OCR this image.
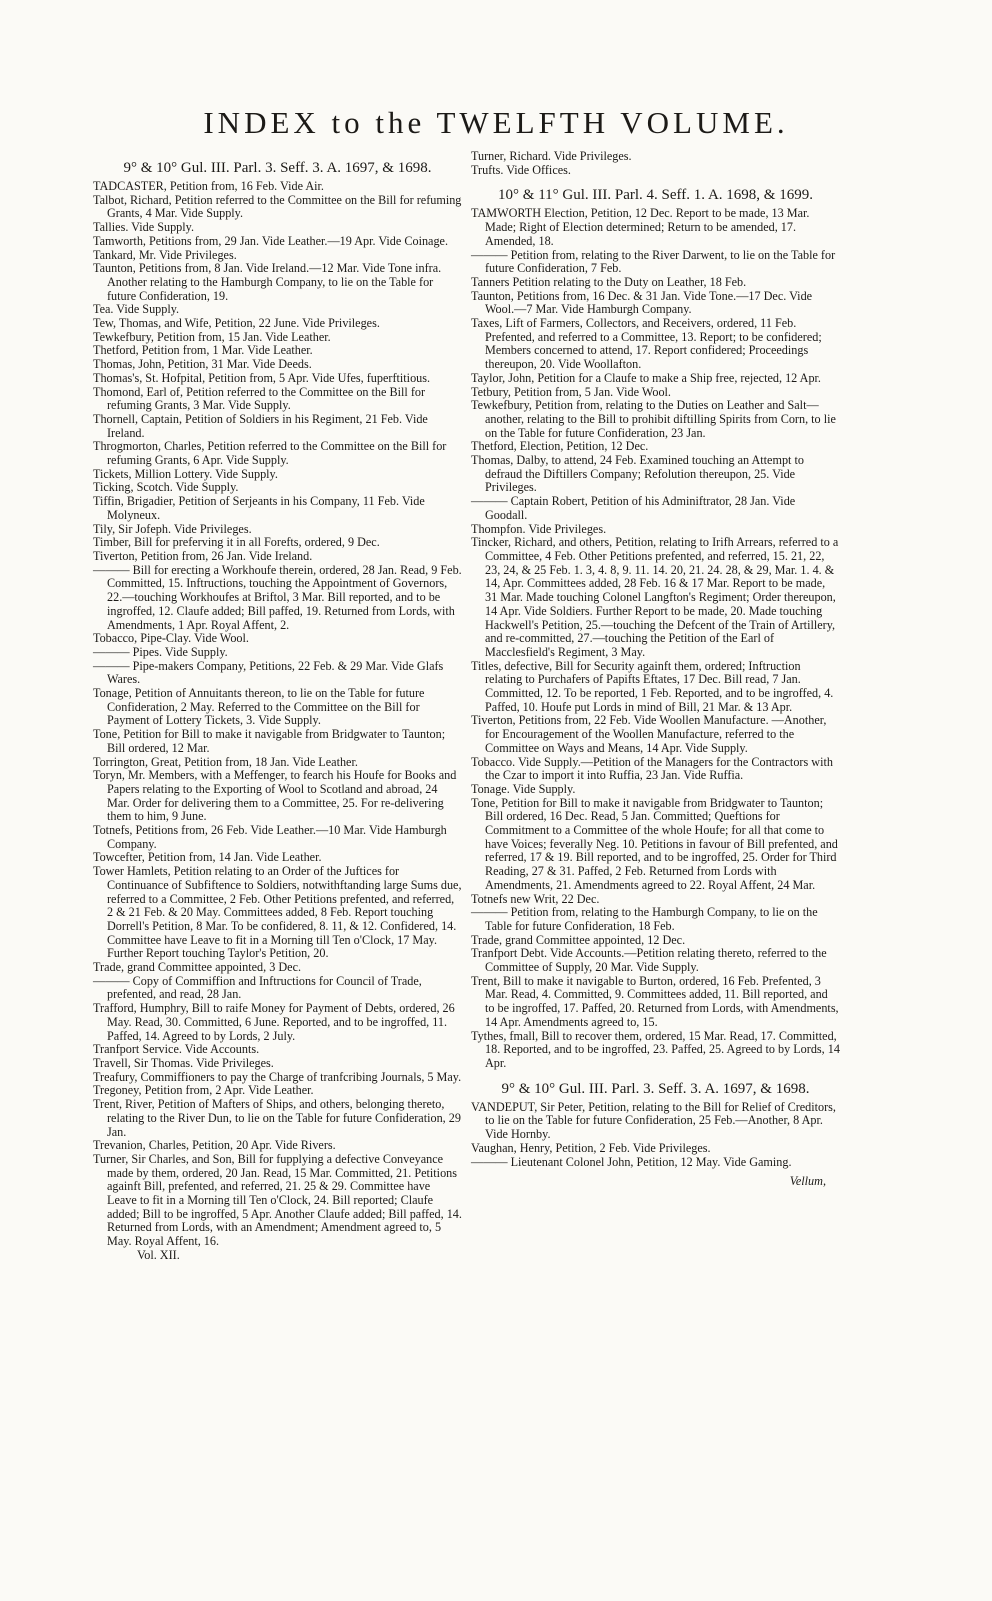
INDEX to the TWELFTH VOLUME.
9° & 10° Gul. III. Parl. 3. Seff. 3. A. 1697, & 1698.

TADCASTER, Petition from, 16 Feb. Vide Air.

Talbot, Richard, Petition referred to the Committee on the Bill for refuming Grants, 4 Mar. Vide Supply.

Tallies. Vide Supply.

Tamworth, Petitions from, 29 Jan. Vide Leather.—19 Apr. Vide Coinage.

Tankard, Mr. Vide Privileges.

Taunton, Petitions from, 8 Jan. Vide Ireland.—12 Mar. Vide Tone infra. Another relating to the Hamburgh Company, to lie on the Table for future Confideration, 19.

Tea. Vide Supply.

Tew, Thomas, and Wife, Petition, 22 June. Vide Privileges.

Tewkefbury, Petition from, 15 Jan. Vide Leather.

Thetford, Petition from, 1 Mar. Vide Leather.

Thomas, John, Petition, 31 Mar. Vide Deeds.

Thomas's, St. Hofpital, Petition from, 5 Apr. Vide Ufes, fuperftitious.

Thomond, Earl of, Petition referred to the Committee on the Bill for refuming Grants, 3 Mar. Vide Supply.

Thornell, Captain, Petition of Soldiers in his Regiment, 21 Feb. Vide Ireland.

Throgmorton, Charles, Petition referred to the Committee on the Bill for refuming Grants, 6 Apr. Vide Supply.

Tickets, Million Lottery. Vide Supply.

Ticking, Scotch. Vide Supply.

Tiffin, Brigadier, Petition of Serjeants in his Company, 11 Feb. Vide Molyneux.

Tily, Sir Jofeph. Vide Privileges.

Timber, Bill for preferving it in all Forefts, ordered, 9 Dec.

Tiverton, Petition from, 26 Jan. Vide Ireland.

——— Bill for erecting a Workhoufe therein, ordered, 28 Jan. Read, 9 Feb. Committed, 15. Inftructions, touching the Appointment of Governors, 22.—touching Workhoufes at Briftol, 3 Mar. Bill reported, and to be ingroffed, 12. Claufe added; Bill paffed, 19. Returned from Lords, with Amendments, 1 Apr. Royal Affent, 2.

Tobacco, Pipe-Clay. Vide Wool.

——— Pipes. Vide Supply.

——— Pipe-makers Company, Petitions, 22 Feb. & 29 Mar. Vide Glafs Wares.

Tonage, Petition of Annuitants thereon, to lie on the Table for future Confideration, 2 May. Referred to the Committee on the Bill for Payment of Lottery Tickets, 3. Vide Supply.

Tone, Petition for Bill to make it navigable from Bridgwater to Taunton; Bill ordered, 12 Mar.

Torrington, Great, Petition from, 18 Jan. Vide Leather.

Toryn, Mr. Members, with a Meffenger, to fearch his Houfe for Books and Papers relating to the Exporting of Wool to Scotland and abroad, 24 Mar. Order for delivering them to a Committee, 25. For re-delivering them to him, 9 June.

Totnefs, Petitions from, 26 Feb. Vide Leather.—10 Mar. Vide Hamburgh Company.

Towcefter, Petition from, 14 Jan. Vide Leather.

Tower Hamlets, Petition relating to an Order of the Juftices for Continuance of Subfiftence to Soldiers, notwithftanding large Sums due, referred to a Committee, 2 Feb. Other Petitions prefented, and referred, 2 & 21 Feb. & 20 May. Committees added, 8 Feb. Report touching Dorrell's Petition, 8 Mar. To be confidered, 8. 11, & 12. Confidered, 14. Committee have Leave to fit in a Morning till Ten o'Clock, 17 May. Further Report touching Taylor's Petition, 20.

Trade, grand Committee appointed, 3 Dec.

——— Copy of Commiffion and Inftructions for Council of Trade, prefented, and read, 28 Jan.

Trafford, Humphry, Bill to raife Money for Payment of Debts, ordered, 26 May. Read, 30. Committed, 6 June. Reported, and to be ingroffed, 11. Paffed, 14. Agreed to by Lords, 2 July.

Tranfport Service. Vide Accounts.

Travell, Sir Thomas. Vide Privileges.

Treafury, Commiffioners to pay the Charge of tranfcribing Journals, 5 May.

Tregoney, Petition from, 2 Apr. Vide Leather.

Trent, River, Petition of Mafters of Ships, and others, belonging thereto, relating to the River Dun, to lie on the Table for future Confideration, 29 Jan.

Trevanion, Charles, Petition, 20 Apr. Vide Rivers.

Turner, Sir Charles, and Son, Bill for fupplying a defective Conveyance made by them, ordered, 20 Jan. Read, 15 Mar. Committed, 21. Petitions againft Bill, prefented, and referred, 21. 25 & 29. Committee have Leave to fit in a Morning till Ten o'Clock, 24. Bill reported; Claufe added; Bill to be ingroffed, 5 Apr. Another Claufe added; Bill paffed, 14. Returned from Lords, with an Amendment; Amendment agreed to, 5 May. Royal Affent, 16.

Vol. XII.

Turner, Richard. Vide Privileges.

Trufts. Vide Offices.

10° & 11° Gul. III. Parl. 4. Seff. 1. A. 1698, & 1699.

TAMWORTH Election, Petition, 12 Dec. Report to be made, 13 Mar. Made; Right of Election determined; Return to be amended, 17. Amended, 18.

——— Petition from, relating to the River Darwent, to lie on the Table for future Confideration, 7 Feb.

Tanners Petition relating to the Duty on Leather, 18 Feb.

Taunton, Petitions from, 16 Dec. & 31 Jan. Vide Tone.—17 Dec. Vide Wool.—7 Mar. Vide Hamburgh Company.

Taxes, Lift of Farmers, Collectors, and Receivers, ordered, 11 Feb. Prefented, and referred to a Committee, 13. Report; to be confidered; Members concerned to attend, 17. Report confidered; Proceedings thereupon, 20. Vide Woollafton.

Taylor, John, Petition for a Claufe to make a Ship free, rejected, 12 Apr.

Tetbury, Petition from, 5 Jan. Vide Wool.

Tewkefbury, Petition from, relating to the Duties on Leather and Salt—another, relating to the Bill to prohibit diftilling Spirits from Corn, to lie on the Table for future Confideration, 23 Jan.

Thetford, Election, Petition, 12 Dec.

Thomas, Dalby, to attend, 24 Feb. Examined touching an Attempt to defraud the Diftillers Company; Refolution thereupon, 25. Vide Privileges.

——— Captain Robert, Petition of his Adminiftrator, 28 Jan. Vide Goodall.

Thompfon. Vide Privileges.

Tincker, Richard, and others, Petition, relating to Irifh Arrears, referred to a Committee, 4 Feb. Other Petitions prefented, and referred, 15. 21, 22, 23, 24, & 25 Feb. 1. 3, 4. 8, 9. 11. 14. 20, 21. 24. 28, & 29, Mar. 1. 4. & 14, Apr. Committees added, 28 Feb. 16 & 17 Mar. Report to be made, 31 Mar. Made touching Colonel Langfton's Regiment; Order thereupon, 14 Apr. Vide Soldiers. Further Report to be made, 20. Made touching Hackwell's Petition, 25.—touching the Defcent of the Train of Artillery, and re-committed, 27.—touching the Petition of the Earl of Macclesfield's Regiment, 3 May.

Titles, defective, Bill for Security againft them, ordered; Inftruction relating to Purchafers of Papifts Eftates, 17 Dec. Bill read, 7 Jan. Committed, 12. To be reported, 1 Feb. Reported, and to be ingroffed, 4. Paffed, 10. Houfe put Lords in mind of Bill, 21 Mar. & 13 Apr.

Tiverton, Petitions from, 22 Feb. Vide Woollen Manufacture. —Another, for Encouragement of the Woollen Manufacture, referred to the Committee on Ways and Means, 14 Apr. Vide Supply.

Tobacco. Vide Supply.—Petition of the Managers for the Contractors with the Czar to import it into Ruffia, 23 Jan. Vide Ruffia.

Tonage. Vide Supply.

Tone, Petition for Bill to make it navigable from Bridgwater to Taunton; Bill ordered, 16 Dec. Read, 5 Jan. Committed; Queftions for Commitment to a Committee of the whole Houfe; for all that come to have Voices; feverally Neg. 10. Petitions in favour of Bill prefented, and referred, 17 & 19. Bill reported, and to be ingroffed, 25. Order for Third Reading, 27 & 31. Paffed, 2 Feb. Returned from Lords with Amendments, 21. Amendments agreed to 22. Royal Affent, 24 Mar.

Totnefs new Writ, 22 Dec.

——— Petition from, relating to the Hamburgh Company, to lie on the Table for future Confideration, 18 Feb.

Trade, grand Committee appointed, 12 Dec.

Tranfport Debt. Vide Accounts.—Petition relating thereto, referred to the Committee of Supply, 20 Mar. Vide Supply.

Trent, Bill to make it navigable to Burton, ordered, 16 Feb. Prefented, 3 Mar. Read, 4. Committed, 9. Committees added, 11. Bill reported, and to be ingroffed, 17. Paffed, 20. Returned from Lords, with Amendments, 14 Apr. Amendments agreed to, 15.

Tythes, fmall, Bill to recover them, ordered, 15 Mar. Read, 17. Committed, 18. Reported, and to be ingroffed, 23. Paffed, 25. Agreed to by Lords, 14 Apr.

9° & 10° Gul. III. Parl. 3. Seff. 3. A. 1697, & 1698.

VANDEPUT, Sir Peter, Petition, relating to the Bill for Relief of Creditors, to lie on the Table for future Confideration, 25 Feb.—Another, 8 Apr. Vide Hornby.

Vaughan, Henry, Petition, 2 Feb. Vide Privileges.

——— Lieutenant Colonel John, Petition, 12 May. Vide Gaming.

Vellum,
